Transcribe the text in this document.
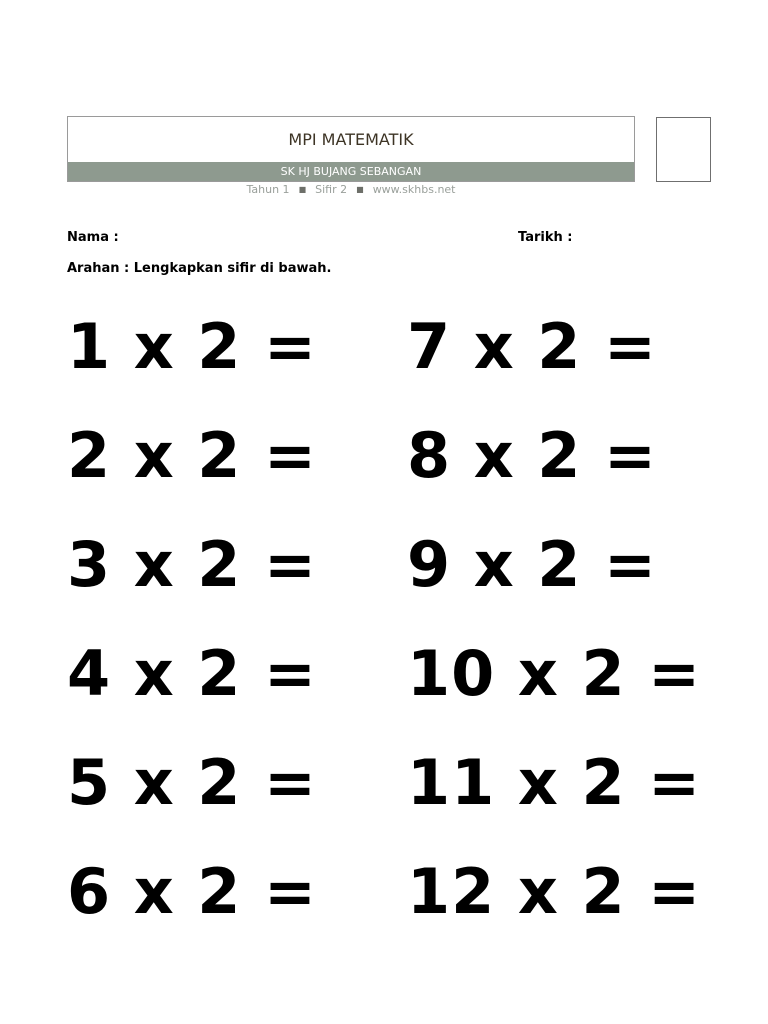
MPI MATEMATIK
SK HJ BUJANG SEBANGAN
Tahun 1 ■ Sifir 2 ■ www.skhbs.net
Nama :	Tarikh :
Arahan : Lengkapkan sifir di bawah.
1 x 2 =
2 x 2 =
3 x 2 =
4 x 2 =
5 x 2 =
6 x 2 =
7 x 2 =
8 x 2 =
9 x 2 =
10 x 2 =
11 x 2 =
12 x 2 =
